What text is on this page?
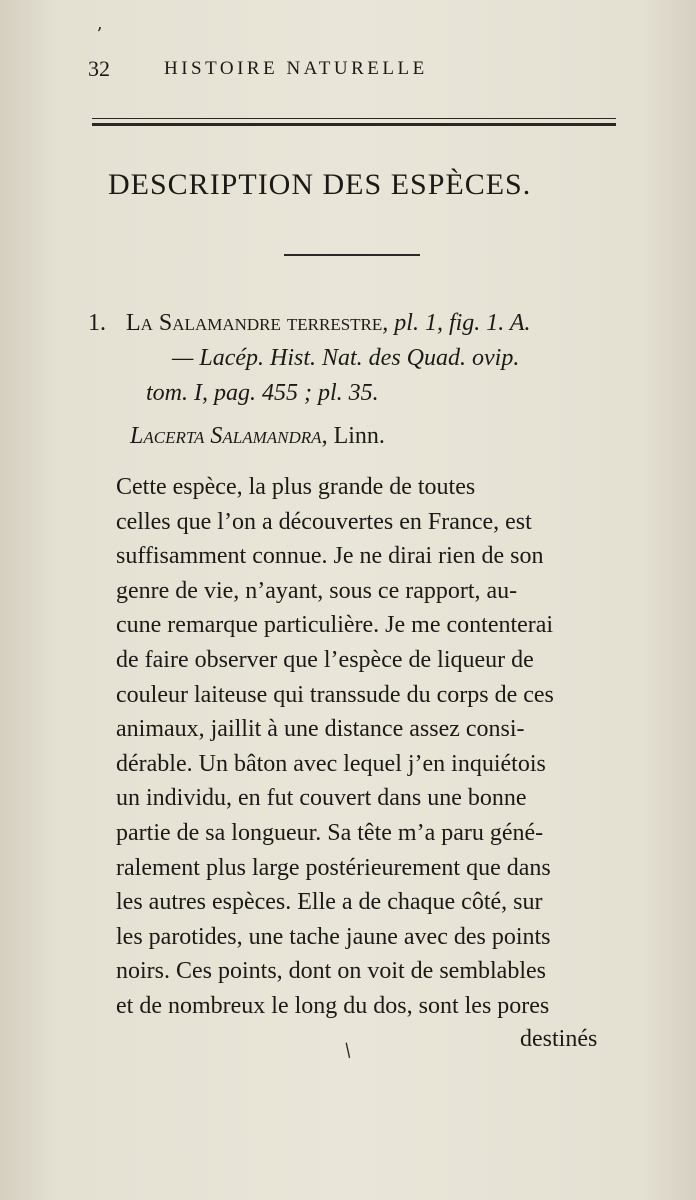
32	HISTOIRE NATURELLE
DESCRIPTION DES ESPÈCES.
1. La Salamandre terrestre, pl. 1, fig. 1. A.
— Lacép. Hist. Nat. des Quad. ovip.
tom. I, pag. 455 ; pl. 35.
Lacerta Salamandra, Linn.
Cette espèce, la plus grande de toutes
celles que l’on a découvertes en France, est
suffisamment connue. Je ne dirai rien de son
genre de vie, n’ayant, sous ce rapport, au-
cune remarque particulière. Je me contenterai
de faire observer que l’espèce de liqueur de
couleur laiteuse qui transsude du corps de ces
animaux, jaillit à une distance assez consi-
dérable. Un bâton avec lequel j’en inquiétois
un individu, en fut couvert dans une bonne
partie de sa longueur. Sa tête m’a paru géné-
ralement plus large postérieurement que dans
les autres espèces. Elle a de chaque côté, sur
les parotides, une tache jaune avec des points
noirs. Ces points, dont on voit de semblables
et de nombreux le long du dos, sont les pores
destinés
ʼ
/
